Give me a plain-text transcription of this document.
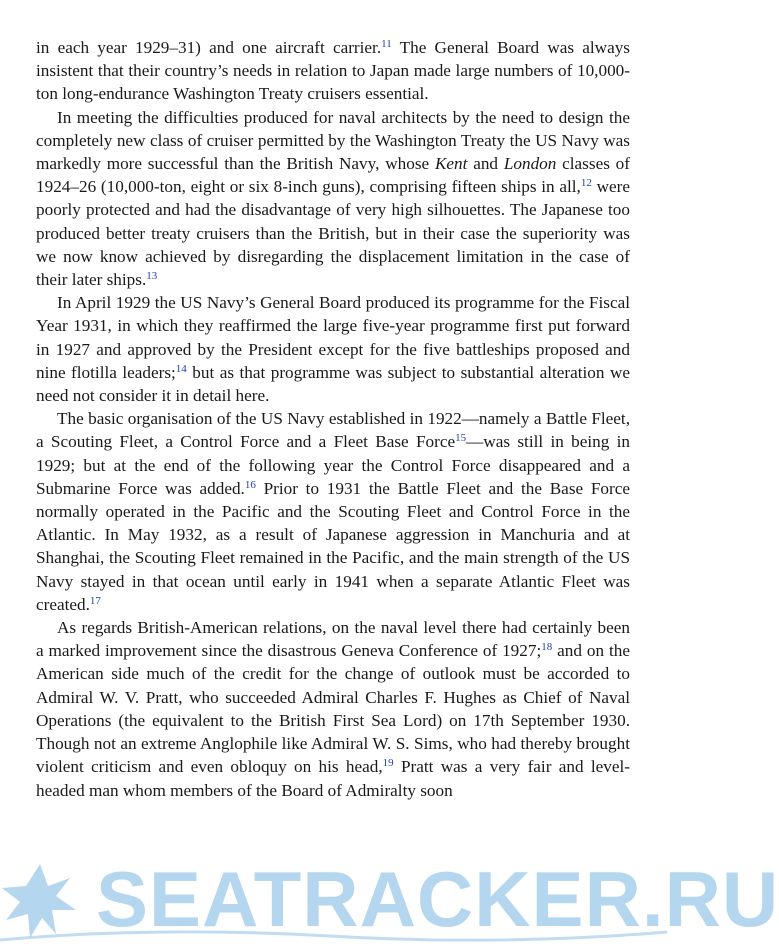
in each year 1929–31) and one aircraft carrier.$^{11}$ The General Board was always insistent that their country’s needs in relation to Japan made large numbers of 10,000-ton long-endurance Washington Treaty cruisers essential.

In meeting the difficulties produced for naval architects by the need to design the completely new class of cruiser permitted by the Washington Treaty the US Navy was markedly more successful than the British Navy, whose Kent and London classes of 1924–26 (10,000-ton, eight or six 8-inch guns), comprising fifteen ships in all,$^{12}$ were poorly protected and had the disadvantage of very high silhouettes. The Japanese too produced better treaty cruisers than the British, but in their case the superiority was we now know achieved by disregarding the displacement limitation in the case of their later ships.$^{13}$

In April 1929 the US Navy’s General Board produced its programme for the Fiscal Year 1931, in which they reaffirmed the large five-year programme first put forward in 1927 and approved by the President except for the five battleships proposed and nine flotilla leaders;$^{14}$ but as that programme was subject to substantial alteration we need not consider it in detail here.

The basic organisation of the US Navy established in 1922—namely a Battle Fleet, a Scouting Fleet, a Control Force and a Fleet Base Force$^{15}$—was still in being in 1929; but at the end of the following year the Control Force disappeared and a Submarine Force was added.$^{16}$ Prior to 1931 the Battle Fleet and the Base Force normally operated in the Pacific and the Scouting Fleet and Control Force in the Atlantic. In May 1932, as a result of Japanese aggression in Manchuria and at Shanghai, the Scouting Fleet remained in the Pacific, and the main strength of the US Navy stayed in that ocean until early in 1941 when a separate Atlantic Fleet was created.$^{17}$

As regards British-American relations, on the naval level there had certainly been a marked improvement since the disastrous Geneva Conference of 1927;$^{18}$ and on the American side much of the credit for the change of outlook must be accorded to Admiral W. V. Pratt, who succeeded Admiral Charles F. Hughes as Chief of Naval Operations (the equivalent to the British First Sea Lord) on 17th September 1930. Though not an extreme Anglophile like Admiral W. S. Sims, who had thereby brought violent criticism and even obloquy on his head,$^{19}$ Pratt was a very fair and level-headed man whom members of the Board of Admiralty soon

SEATRACKER.RU
